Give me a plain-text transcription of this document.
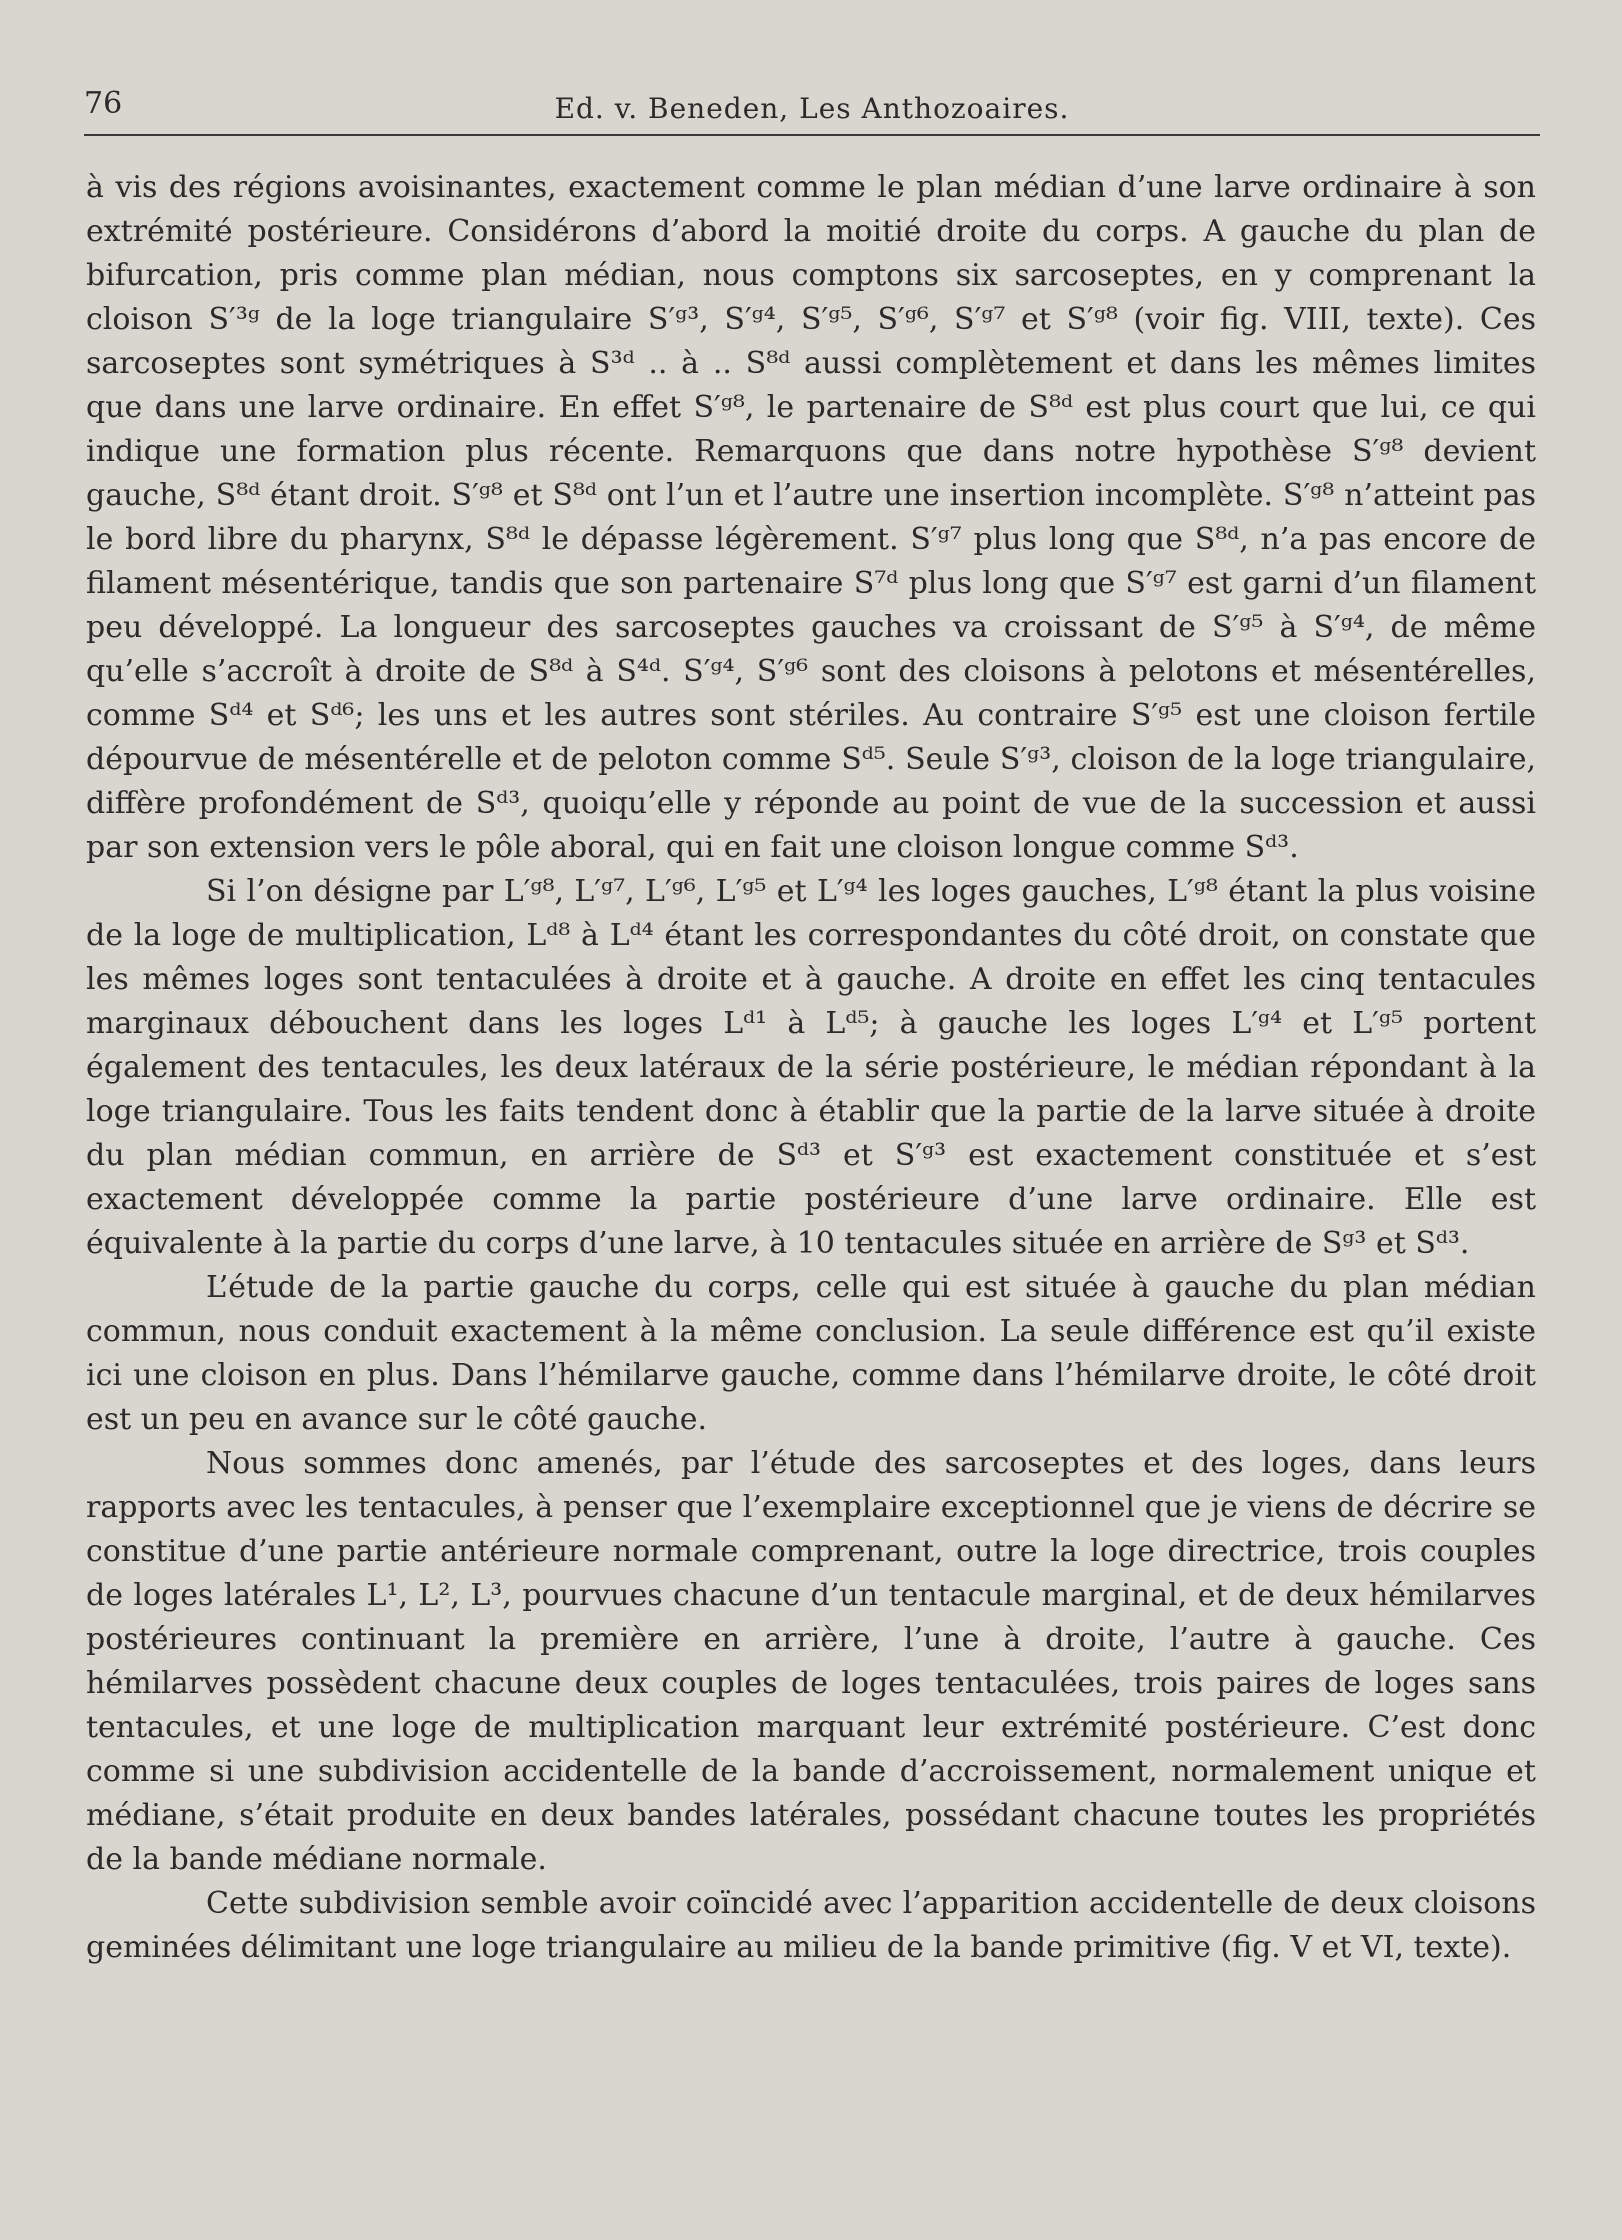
76	Ed. v. Beneden, Les Anthozoaires.

à vis des régions avoisinantes, exactement comme le plan médian d’une larve ordinaire à son extrémité postérieure. Considérons d’abord la moitié droite du corps. A gauche du plan de bifurcation, pris comme plan médian, nous comptons six sarcoseptes, en y comprenant la cloison S′³ᵍ de la loge triangulaire S′ᵍ³, S′ᵍ⁴, S′ᵍ⁵, S′ᵍ⁶, S′ᵍ⁷ et S′ᵍ⁸ (voir fig. VIII, texte). Ces sarcoseptes sont symétriques à S³ᵈ .. à .. S⁸ᵈ aussi complètement et dans les mêmes limites que dans une larve ordinaire. En effet S′ᵍ⁸, le partenaire de S⁸ᵈ est plus court que lui, ce qui indique une formation plus récente. Remarquons que dans notre hypothèse S′ᵍ⁸ devient gauche, S⁸ᵈ étant droit. S′ᵍ⁸ et S⁸ᵈ ont l’un et l’autre une insertion incomplète. S′ᵍ⁸ n’atteint pas le bord libre du pharynx, S⁸ᵈ le dépasse légèrement. S′ᵍ⁷ plus long que S⁸ᵈ, n’a pas encore de filament mésentérique, tandis que son partenaire S⁷ᵈ plus long que S′ᵍ⁷ est garni d’un filament peu développé. La longueur des sarcoseptes gauches va croissant de S′ᵍ⁵ à S′ᵍ⁴, de même qu’elle s’accroît à droite de S⁸ᵈ à S⁴ᵈ. S′ᵍ⁴, S′ᵍ⁶ sont des cloisons à pelotons et mésentérelles, comme Sᵈ⁴ et Sᵈ⁶; les uns et les autres sont stériles. Au contraire S′ᵍ⁵ est une cloison fertile dépourvue de mésentérelle et de peloton comme Sᵈ⁵. Seule S′ᵍ³, cloison de la loge triangulaire, diffère profondément de Sᵈ³, quoiqu’elle y réponde au point de vue de la succession et aussi par son extension vers le pôle aboral, qui en fait une cloison longue comme Sᵈ³.

Si l’on désigne par L′ᵍ⁸, L′ᵍ⁷, L′ᵍ⁶, L′ᵍ⁵ et L′ᵍ⁴ les loges gauches, L′ᵍ⁸ étant la plus voisine de la loge de multiplication, Lᵈ⁸ à Lᵈ⁴ étant les correspondantes du côté droit, on constate que les mêmes loges sont tentaculées à droite et à gauche. A droite en effet les cinq tentacules marginaux débouchent dans les loges Lᵈ¹ à Lᵈ⁵; à gauche les loges L′ᵍ⁴ et L′ᵍ⁵ portent également des tentacules, les deux latéraux de la série postérieure, le médian répondant à la loge triangulaire. Tous les faits tendent donc à établir que la partie de la larve située à droite du plan médian commun, en arrière de Sᵈ³ et S′ᵍ³ est exactement constituée et s’est exactement développée comme la partie postérieure d’une larve ordinaire. Elle est équivalente à la partie du corps d’une larve, à 10 tentacules située en arrière de Sᵍ³ et Sᵈ³.

L’étude de la partie gauche du corps, celle qui est située à gauche du plan médian commun, nous conduit exactement à la même conclusion. La seule différence est qu’il existe ici une cloison en plus. Dans l’hémilarve gauche, comme dans l’hémilarve droite, le côté droit est un peu en avance sur le côté gauche.

Nous sommes donc amenés, par l’étude des sarcoseptes et des loges, dans leurs rapports avec les tentacules, à penser que l’exemplaire exceptionnel que je viens de décrire se constitue d’une partie antérieure normale comprenant, outre la loge directrice, trois couples de loges latérales L¹, L², L³, pourvues chacune d’un tentacule marginal, et de deux hémilarves postérieures continuant la première en arrière, l’une à droite, l’autre à gauche. Ces hémilarves possèdent chacune deux couples de loges tentaculées, trois paires de loges sans tentacules, et une loge de multiplication marquant leur extrémité postérieure. C’est donc comme si une subdivision accidentelle de la bande d’accroissement, normalement unique et médiane, s’était produite en deux bandes latérales, possédant chacune toutes les propriétés de la bande médiane normale.

Cette subdivision semble avoir coïncidé avec l’apparition accidentelle de deux cloisons geminées délimitant une loge triangulaire au milieu de la bande primitive (fig. V et VI, texte).
